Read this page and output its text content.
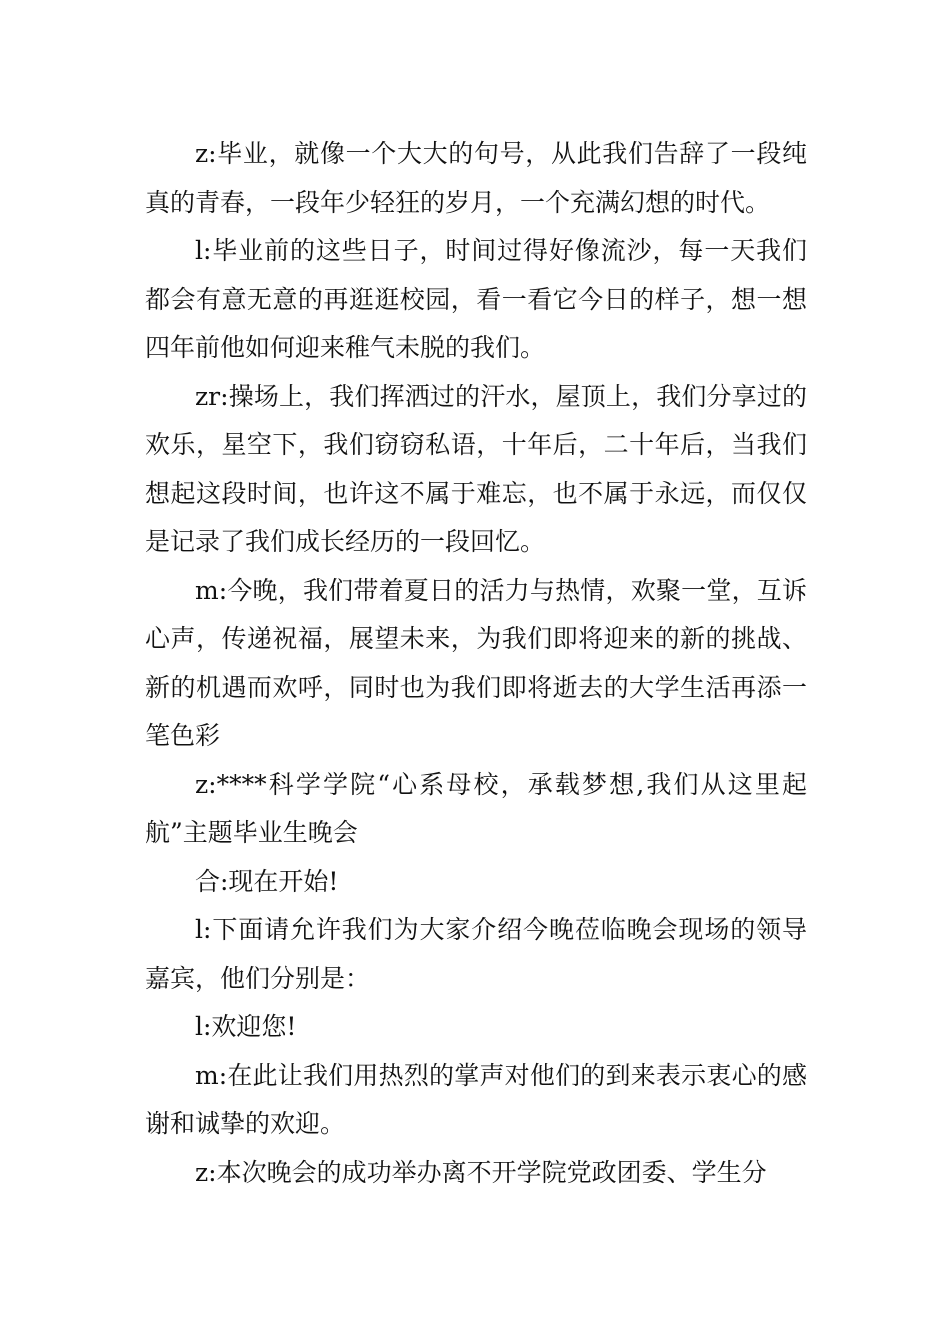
z:毕业，就像一个大大的句号，从此我们告辞了一段纯真的青春，一段年少轻狂的岁月，一个充满幻想的时代。

l:毕业前的这些日子，时间过得好像流沙，每一天我们都会有意无意的再逛逛校园，看一看它今日的样子，想一想四年前他如何迎来稚气未脱的我们。

zr:操场上，我们挥洒过的汗水，屋顶上，我们分享过的欢乐，星空下，我们窃窃私语，十年后，二十年后，当我们想起这段时间，也许这不属于难忘，也不属于永远，而仅仅是记录了我们成长经历的一段回忆。

m:今晚，我们带着夏日的活力与热情，欢聚一堂，互诉心声，传递祝福，展望未来，为我们即将迎来的新的挑战、新的机遇而欢呼，同时也为我们即将逝去的大学生活再添一笔色彩

z:****科学学院“心系母校，承载梦想,我们从这里起航”主题毕业生晚会

合:现在开始!

l:下面请允许我们为大家介绍今晚莅临晚会现场的领导嘉宾，他们分别是：

l:欢迎您!

m:在此让我们用热烈的掌声对他们的到来表示衷心的感谢和诚挚的欢迎。

z:本次晚会的成功举办离不开学院党政团委、学生分
